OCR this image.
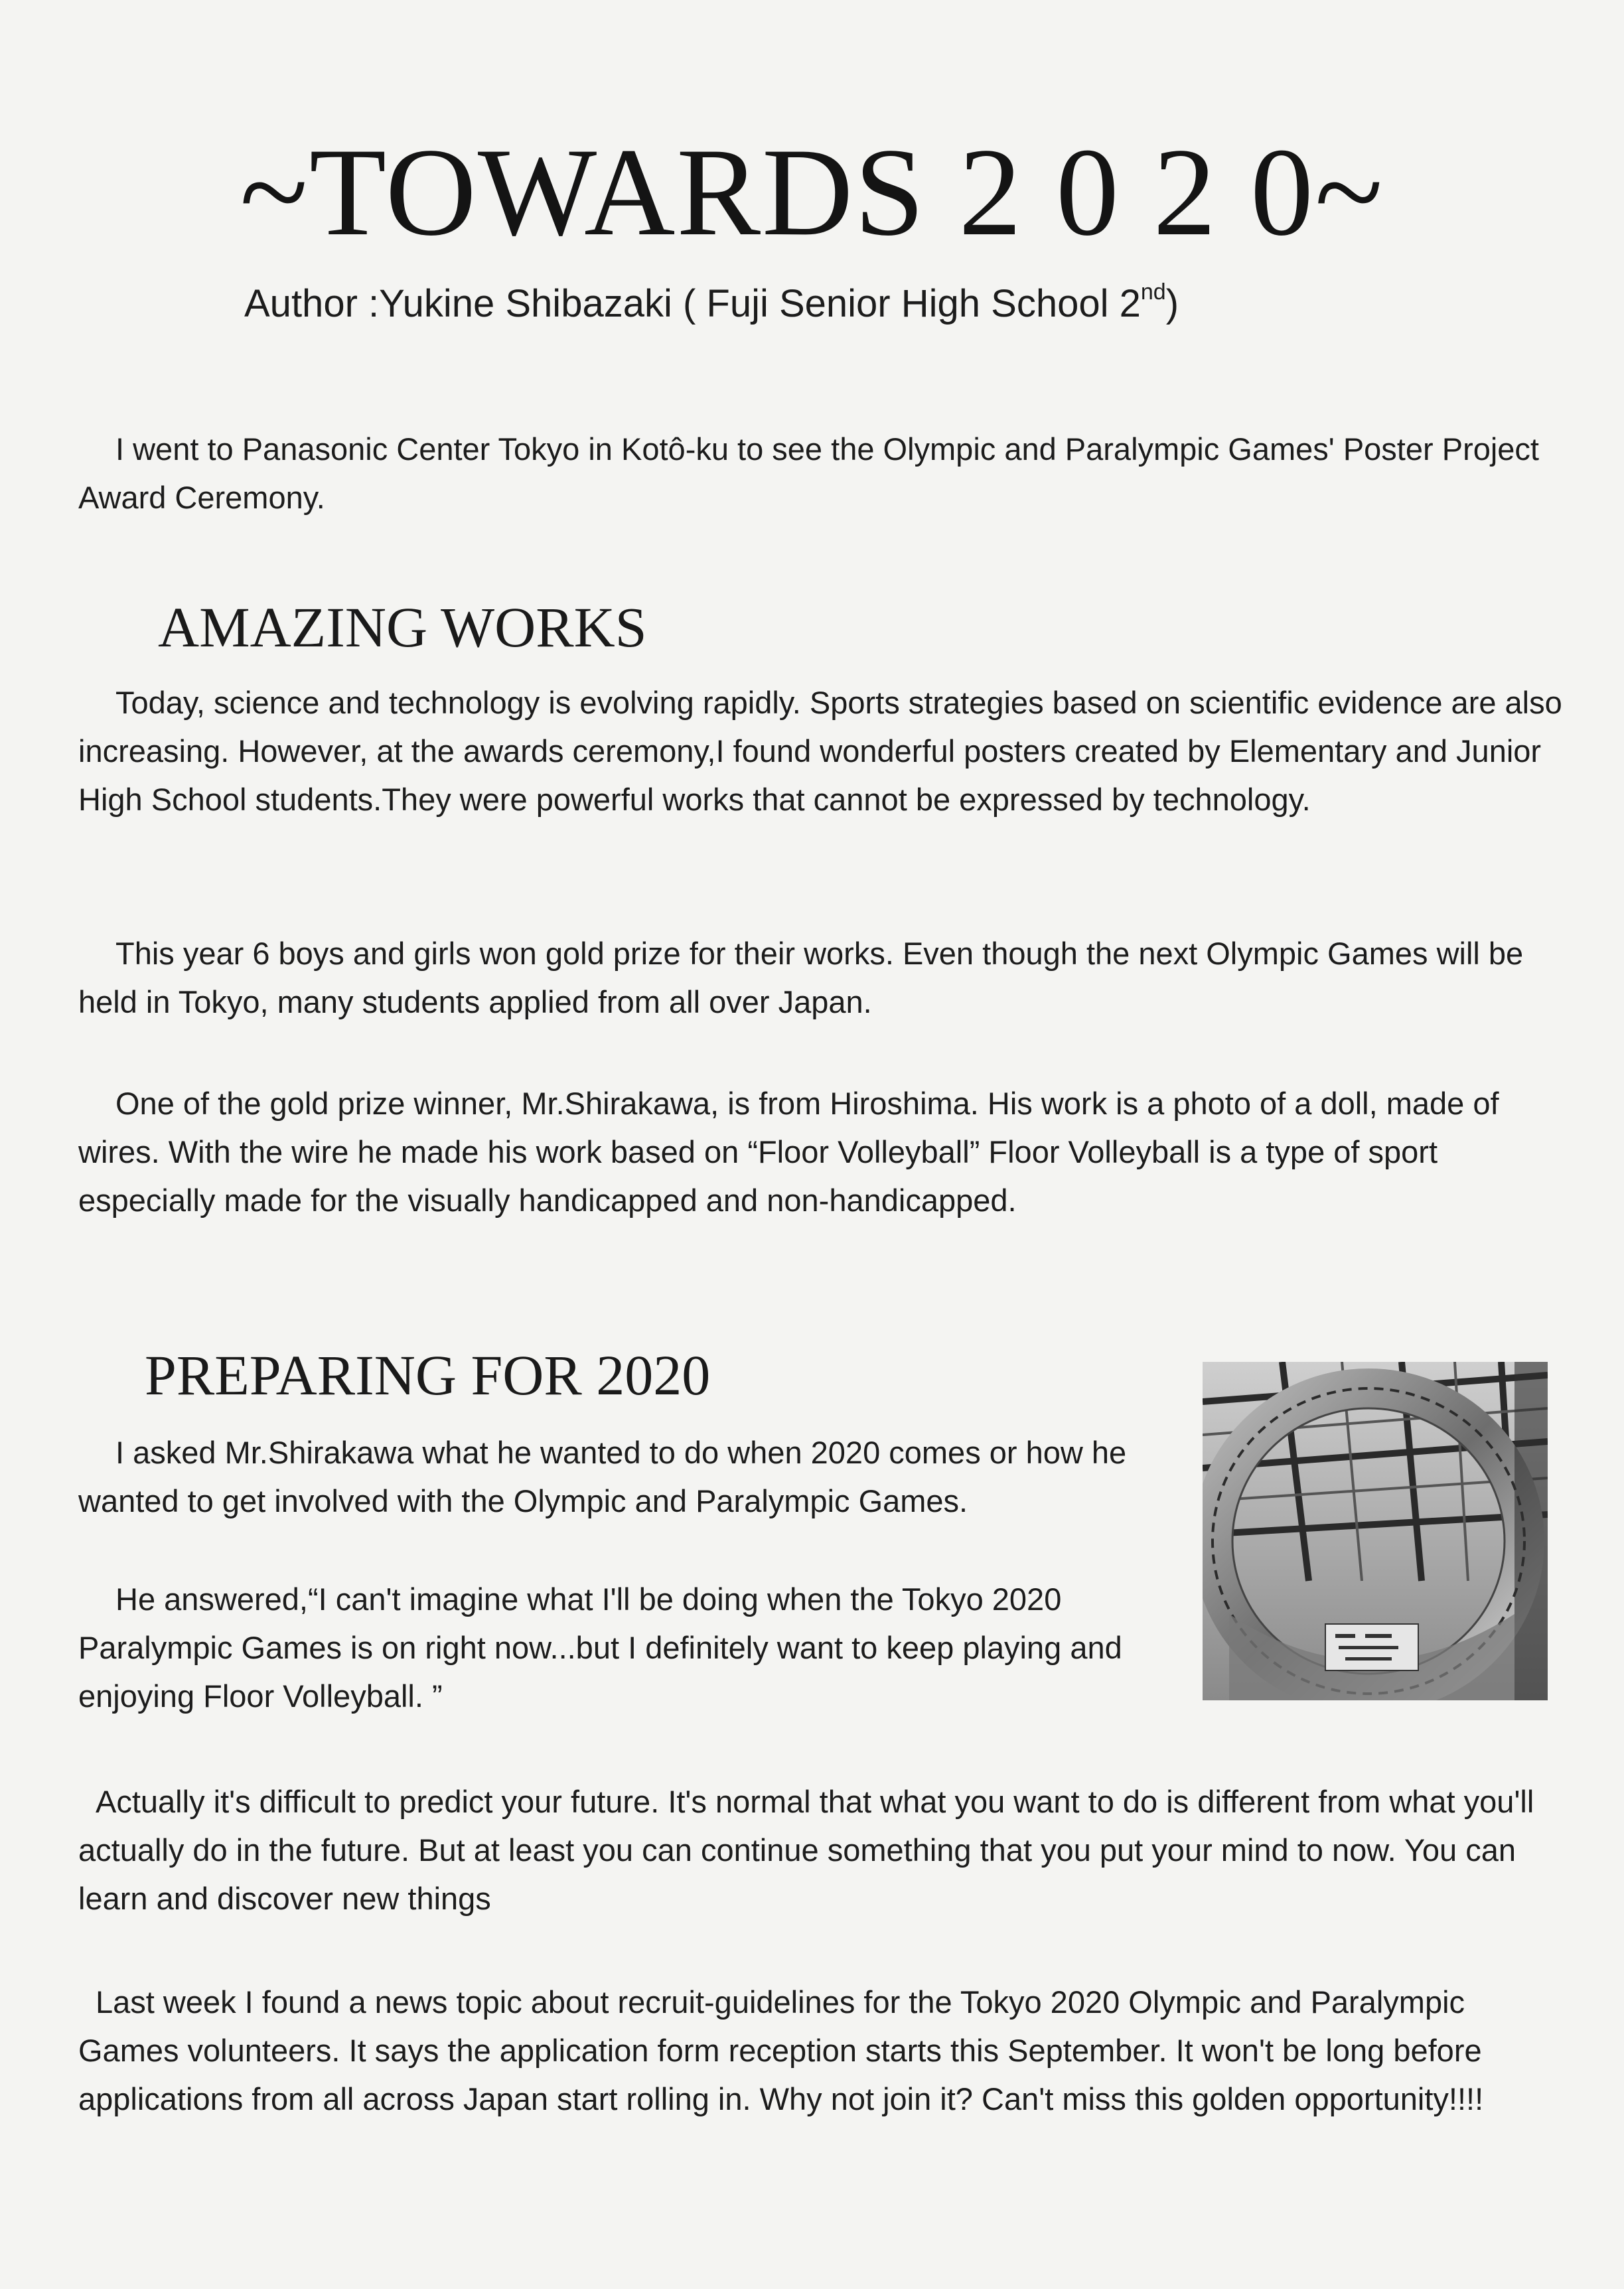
~TOWARDS 2 0 2 0~
Author :Yukine Shibazaki ( Fuji Senior High School 2nd)

I went to Panasonic Center Tokyo in Kotô-ku to see the Olympic and Paralympic Games' Poster Project Award Ceremony.

AMAZING WORKS

Today, science and technology is evolving rapidly. Sports strategies based on scientific evidence are also increasing. However, at the awards ceremony,I found wonderful posters created by Elementary and Junior High School students.They were powerful works that cannot be expressed by technology.

This year 6 boys and girls won gold prize for their works. Even though the next Olympic Games will be held in Tokyo, many students applied from all over Japan.

One of the gold prize winner, Mr.Shirakawa, is from Hiroshima. His work is a photo of a doll, made of wires. With the wire he made his work based on “Floor Volleyball” Floor Volleyball is a type of sport especially made for the visually handicapped and non-handicapped.

PREPARING FOR 2020

I asked Mr.Shirakawa what he wanted to do when 2020 comes or how he wanted to get involved with the Olympic and Paralympic Games.

He answered,“I can't imagine what I'll be doing when the Tokyo 2020 Paralympic Games is on right now...but I definitely want to keep playing and enjoying Floor Volleyball. ”

Actually it's difficult to predict your future. It's normal that what you want to do is different from what you'll actually do in the future. But at least you can continue something that you put your mind to now. You can learn and discover new things

Last week I found a news topic about recruit-guidelines for the Tokyo 2020 Olympic and Paralympic Games volunteers. It says the application form reception starts this September. It won't be long before applications from all across Japan start rolling in. Why not join it? Can't miss this golden opportunity!!!!
